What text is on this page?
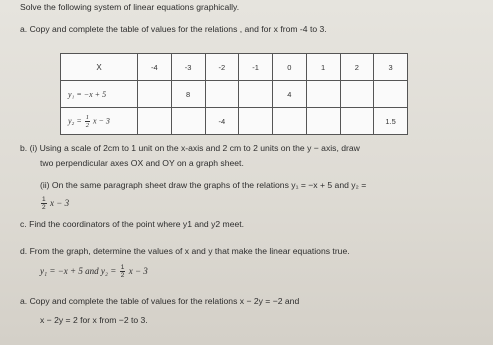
Solve the following system of linear equations graphically.
a. Copy and complete the table of values for the relations , and for x from -4 to 3.
X	-4	-3	-2	-1	0	1	2	3
y₁ = −x + 5		8			4			
$y_2 = \frac{1}{2}$ x − 3			-4					1.5
b. (i) Using a scale of 2cm to 1 unit on the x-axis and 2 cm to 2 units on the y − axis, draw
two perpendicular axes OX and OY on a graph sheet.
(ii) On the same paragraph sheet draw the graphs of the relations y₁ = −x + 5 and y₂ =
$\frac{1}{2}$ x − 3
c. Find the coordinators of the point where y1 and y2 meet.
d. From the graph, determine the values of x and y that make the linear equations true.
y₁ = −x + 5 and $y_2 = \frac{1}{2}$ x − 3
a. Copy and complete the table of values for the relations x − 2y = −2 and
x − 2y = 2 for x from −2 to 3.
